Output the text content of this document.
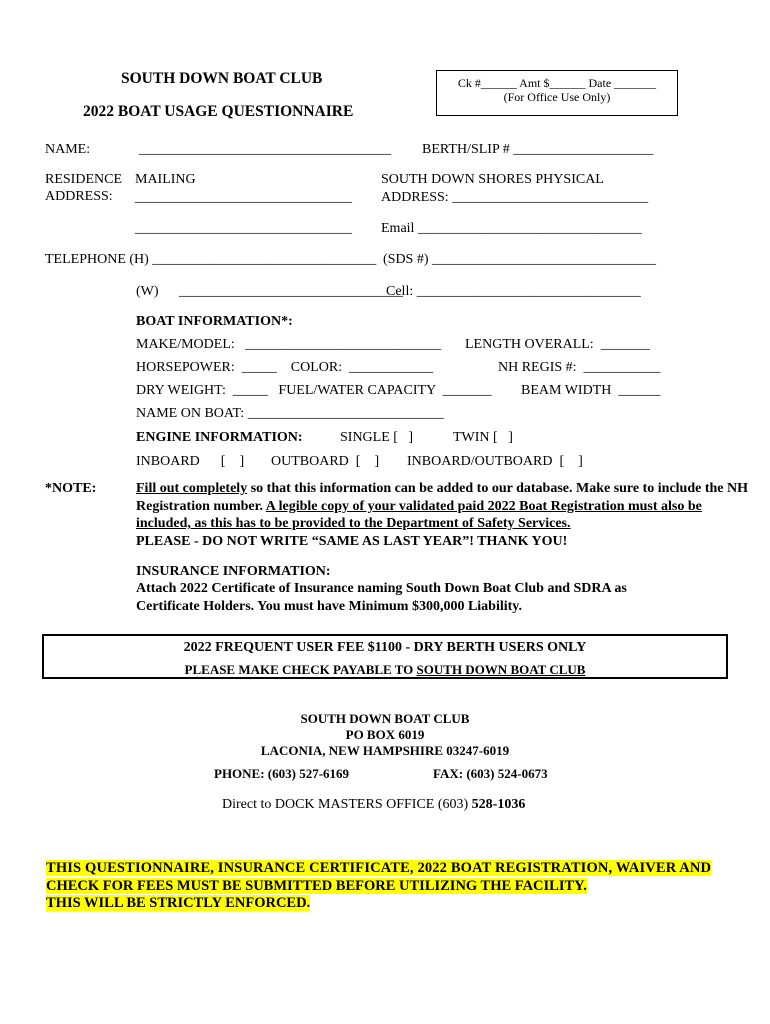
SOUTH DOWN BOAT CLUB
2022 BOAT USAGE QUESTIONNAIRE
Ck #______ Amt $______ Date _______
(For Office Use Only)
NAME:	____________________________________ BERTH/SLIP # ____________________
RESIDENCE MAILING
ADDRESS: _______________________________
_______________________________
SOUTH DOWN SHORES PHYSICAL
ADDRESS: ____________________________
Email ________________________________
TELEPHONE (H) ________________________________ (SDS #) ________________________________
(W) ________________________________
Cell: ________________________________
BOAT INFORMATION*:
MAKE/MODEL:   ____________________________ LENGTH OVERALL:  _______
HORSEPOWER:  _____    COLOR:  ____________	NH REGIS #:  ___________
DRY WEIGHT:  _____   FUEL/WATER CAPACITY  _______ BEAM WIDTH  ______
NAME ON BOAT: ____________________________
ENGINE INFORMATION:	SINGLE [   ]	TWIN [   ]
INBOARD      [    ] OUTBOARD  [    ] INBOARD/OUTBOARD  [    ]
*NOTE:	Fill out completely so that this information can be added to our database. Make sure to include the NH Registration number. A legible copy of your validated paid 2022 Boat Registration must also be included, as this has to be provided to the Department of Safety Services.
PLEASE - DO NOT WRITE “SAME AS LAST YEAR”! THANK YOU!
INSURANCE INFORMATION:
Attach 2022 Certificate of Insurance naming South Down Boat Club and SDRA as
Certificate Holders. You must have Minimum $300,000 Liability.
2022 FREQUENT USER FEE $1100 - DRY BERTH USERS ONLY
PLEASE MAKE CHECK PAYABLE TO SOUTH DOWN BOAT CLUB
SOUTH DOWN BOAT CLUB
PO BOX 6019
LACONIA, NEW HAMPSHIRE 03247-6019
PHONE: (603) 527-6169	FAX: (603) 524-0673
Direct to DOCK MASTERS OFFICE (603) 528-1036
THIS QUESTIONNAIRE, INSURANCE CERTIFICATE, 2022 BOAT REGISTRATION, WAIVER AND
CHECK FOR FEES MUST BE SUBMITTED BEFORE UTILIZING THE FACILITY.
THIS WILL BE STRICTLY ENFORCED.
